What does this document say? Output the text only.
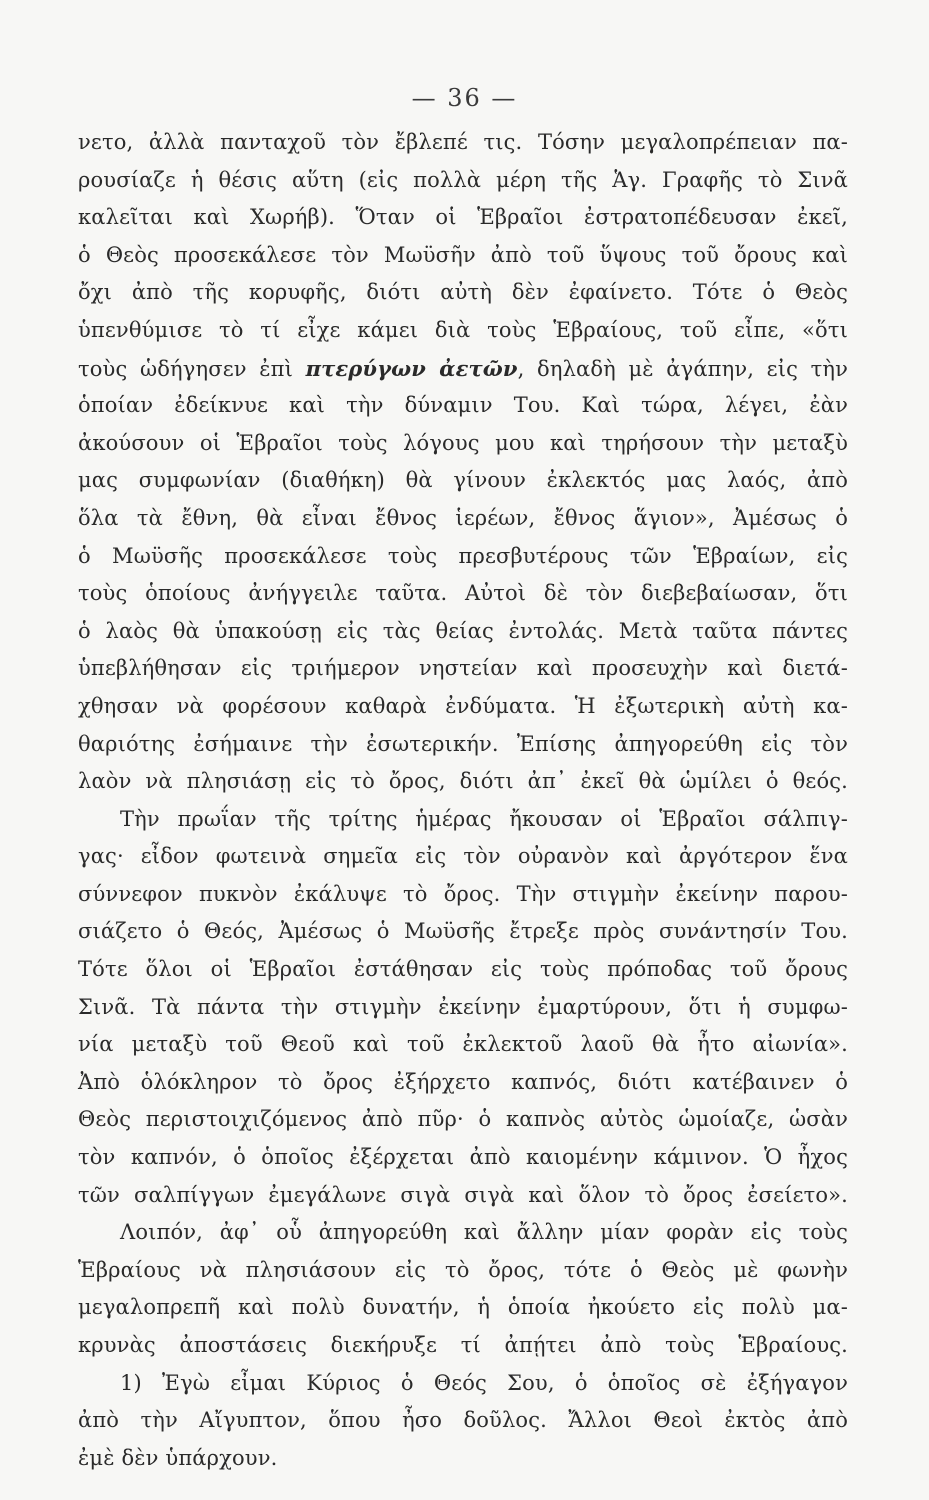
— 36 —
νετο, ἀλλὰ πανταχοῦ τὸν ἔβλεπέ τις. Τόσην μεγαλοπρέπειαν πα-
ρουσίαζε ἡ θέσις αὕτη (εἰς πολλὰ μέρη τῆς Ἁγ. Γραφῆς τὸ Σινᾶ
καλεῖται καὶ Χωρήβ). Ὅταν οἱ Ἑβραῖοι ἐστρατοπέδευσαν ἐκεῖ,
ὁ Θεὸς προσεκάλεσε τὸν Μωϋσῆν ἀπὸ τοῦ ὕψους τοῦ ὄρους καὶ
ὄχι ἀπὸ τῆς κορυφῆς, διότι αὐτὴ δὲν ἐφαίνετο. Τότε ὁ Θεὸς
ὑπενθύμισε τὸ τί εἶχε κάμει διὰ τοὺς Ἑβραίους, τοῦ εἶπε, «ὅτι
τοὺς ὡδήγησεν ἐπὶ πτερύγων ἀετῶν, δηλαδὴ μὲ ἀγάπην, εἰς τὴν
ὁποίαν ἐδείκνυε καὶ τὴν δύναμιν Του. Καὶ τώρα, λέγει, ἐὰν
ἀκούσουν οἱ Ἑβραῖοι τοὺς λόγους μου καὶ τηρήσουν τὴν μεταξὺ
μας συμφωνίαν (διαθήκη) θὰ γίνουν ἐκλεκτός μας λαός, ἀπὸ
ὅλα τὰ ἔθνη, θὰ εἶναι ἔθνος ἱερέων, ἔθνος ἅγιον», Ἀμέσως ὁ
ὁ Μωϋσῆς προσεκάλεσε τοὺς πρεσβυτέρους τῶν Ἑβραίων, εἰς
τοὺς ὁποίους ἀνήγγειλε ταῦτα. Αὐτοὶ δὲ τὸν διεβεβαίωσαν, ὅτι
ὁ λαὸς θὰ ὑπακούσῃ εἰς τὰς θείας ἐντολάς. Μετὰ ταῦτα πάντες
ὑπεβλήθησαν εἰς τριήμερον νηστείαν καὶ προσευχὴν καὶ διετά-
χθησαν νὰ φορέσουν καθαρὰ ἐνδύματα. Ἡ ἐξωτερικὴ αὐτὴ κα-
θαριότης ἐσήμαινε τὴν ἐσωτερικήν. Ἐπίσης ἀπηγορεύθη εἰς τὸν
λαὸν νὰ πλησιάσῃ εἰς τὸ ὄρος, διότι ἀπ᾽ ἐκεῖ θὰ ὡμίλει ὁ θεός.
Τὴν πρωΐαν τῆς τρίτης ἡμέρας ἤκουσαν οἱ Ἑβραῖοι σάλπιγ-
γας· εἶδον φωτεινὰ σημεῖα εἰς τὸν οὐρανὸν καὶ ἀργότερον ἕνα
σύννεφον πυκνὸν ἐκάλυψε τὸ ὄρος. Τὴν στιγμὴν ἐκείνην παρου-
σιάζετο ὁ Θεός, Ἀμέσως ὁ Μωϋσῆς ἔτρεξε πρὸς συνάντησίν Του.
Τότε ὅλοι οἱ Ἑβραῖοι ἐστάθησαν εἰς τοὺς πρόποδας τοῦ ὄρους
Σινᾶ. Τὰ πάντα τὴν στιγμὴν ἐκείνην ἐμαρτύρουν, ὅτι ἡ συμφω-
νία μεταξὺ τοῦ Θεοῦ καὶ τοῦ ἐκλεκτοῦ λαοῦ θὰ ἦτο αἰωνία».
Ἀπὸ ὁλόκληρον τὸ ὄρος ἐξήρχετο καπνός, διότι κατέβαινεν ὁ
Θεὸς περιστοιχιζόμενος ἀπὸ πῦρ· ὁ καπνὸς αὐτὸς ὡμοίαζε, ὡσὰν
τὸν καπνόν, ὁ ὁποῖος ἐξέρχεται ἀπὸ καιομένην κάμινον. Ὁ ἦχος
τῶν σαλπίγγων ἐμεγάλωνε σιγὰ σιγὰ καὶ ὅλον τὸ ὄρος ἐσείετο».
Λοιπόν, ἀφ᾽ οὗ ἀπηγορεύθη καὶ ἄλλην μίαν φορὰν εἰς τοὺς
Ἑβραίους νὰ πλησιάσουν εἰς τὸ ὄρος, τότε ὁ Θεὸς μὲ φωνὴν
μεγαλοπρεπῆ καὶ πολὺ δυνατήν, ἡ ὁποία ἠκούετο εἰς πολὺ μα-
κρυνὰς ἀποστάσεις διεκήρυξε τί ἀπῄτει ἀπὸ τοὺς Ἑβραίους.
1) Ἐγὼ εἶμαι Κύριος ὁ Θεός Σου, ὁ ὁποῖος σὲ ἐξήγαγον
ἀπὸ τὴν Αἴγυπτον, ὅπου ἦσο δοῦλος. Ἄλλοι Θεοὶ ἐκτὸς ἀπὸ
ἐμὲ δὲν ὑπάρχουν.
